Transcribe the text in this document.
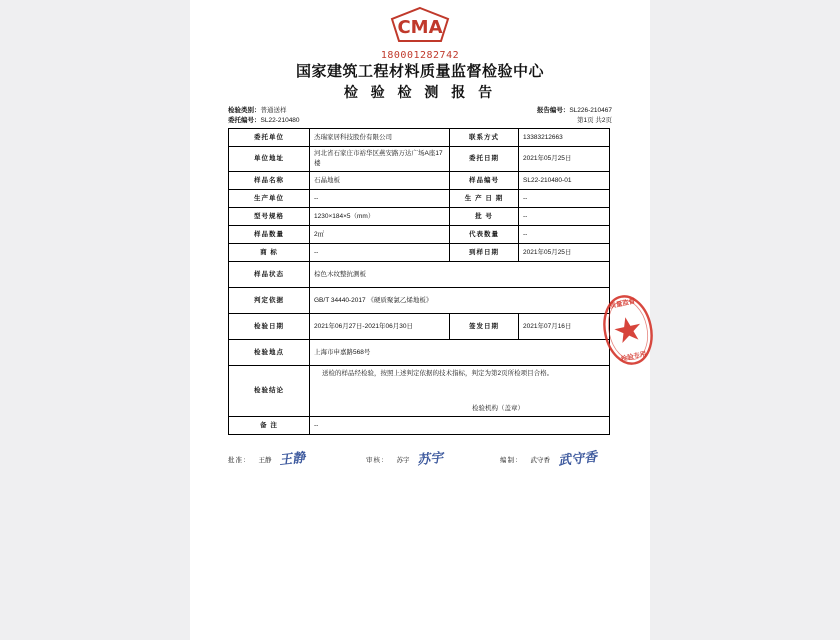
CMA
180001282742
国家建筑工程材料质量监督检验中心
检 验 检 测 报 告
检验类别：普通送样
委托编号：SL22-210480
报告编号：SL226-210467
第1页 共2页
委托单位	杰瑞家居科技股份有限公司	联系方式	13383212663
单位地址	河北省石家庄市裕华区燕安路万达广场A座17楼	委托日期	2021年05月25日
样品名称	石晶地板	样品编号	SL22-210480-01
生产单位	--	生 产 日 期	--
型号规格	1230×184×5（mm）	批 号	--
样品数量	2㎡	代表数量	--
商 标	--	到样日期	2021年05月25日
样品状态	棕色木纹整抗测板		
判定依据	GB/T 34440-2017 《硬质聚氯乙烯地板》		
检验日期	2021年06月27日-2021年06月30日	签发日期	2021年07月16日
检验地点	上海市申嘉路568号		
检验结论	送检的样品经检验，按照上述判定依据的技术指标，判定为第2页所检项目合格。
检验机构（盖章）		

备 注	--		
批准： 王静 王静	审核： 苏宇 苏宇	编制： 武守香 武守香
质量监督
检验专用
